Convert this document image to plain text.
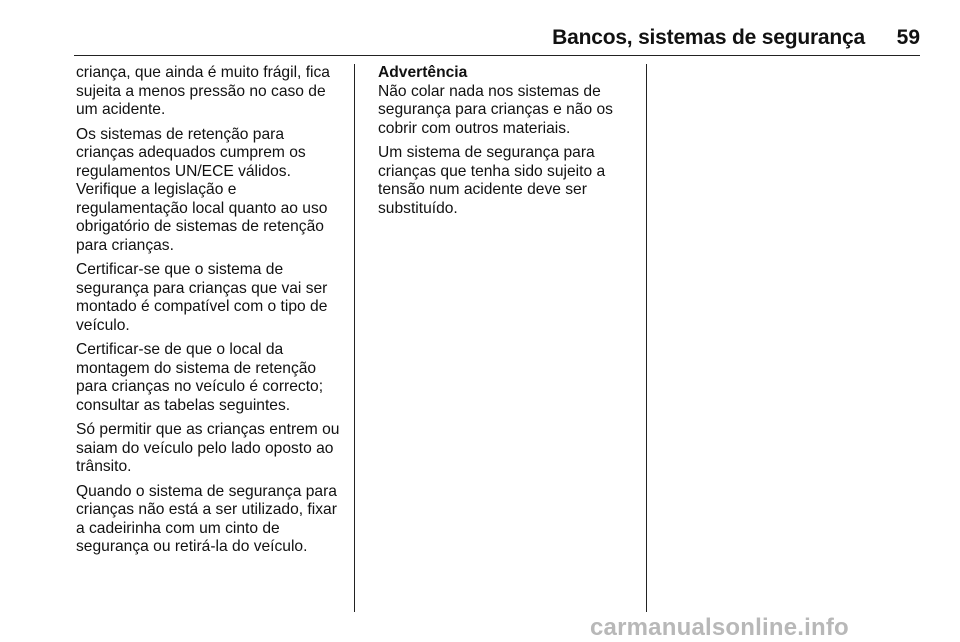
Bancos, sistemas de segurança	59

criança, que ainda é muito frágil, fica sujeita a menos pressão no caso de um acidente.

Os sistemas de retenção para crianças adequados cumprem os regulamentos UN/ECE válidos. Verifique a legislação e regulamentação local quanto ao uso obrigatório de sistemas de retenção para crianças.

Certificar-se que o sistema de segurança para crianças que vai ser montado é compatível com o tipo de veículo.

Certificar-se de que o local da montagem do sistema de retenção para crianças no veículo é correcto; consultar as tabelas seguintes.

Só permitir que as crianças entrem ou saiam do veículo pelo lado oposto ao trânsito.

Quando o sistema de segurança para crianças não está a ser utilizado, fixar a cadeirinha com um cinto de segurança ou retirá-la do veículo.

Advertência
Não colar nada nos sistemas de segurança para crianças e não os cobrir com outros materiais.

Um sistema de segurança para crianças que tenha sido sujeito a tensão num acidente deve ser substituído.

carmanualsonline.info
